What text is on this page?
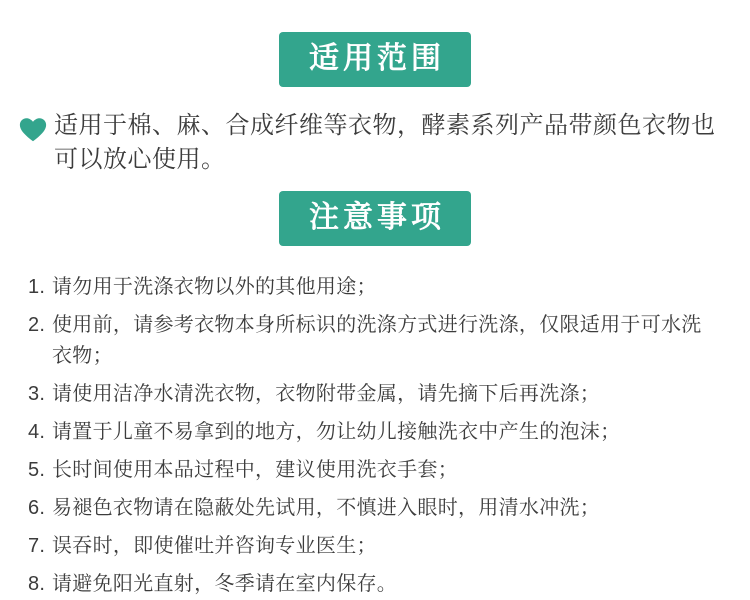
适用范围
适用于棉、麻、合成纤维等衣物，酵素系列产品带颜色衣物也可以放心使用。
注意事项
1. 请勿用于洗涤衣物以外的其他用途；
2. 使用前，请参考衣物本身所标识的洗涤方式进行洗涤，仅限适用于可水洗衣物；
3. 请使用洁净水清洗衣物，衣物附带金属，请先摘下后再洗涤；
4. 请置于儿童不易拿到的地方，勿让幼儿接触洗衣中产生的泡沫；
5. 长时间使用本品过程中，建议使用洗衣手套；
6. 易褪色衣物请在隐蔽处先试用，不慎进入眼时，用清水冲洗；
7. 误吞时，即使催吐并咨询专业医生；
8. 请避免阳光直射，冬季请在室内保存。
